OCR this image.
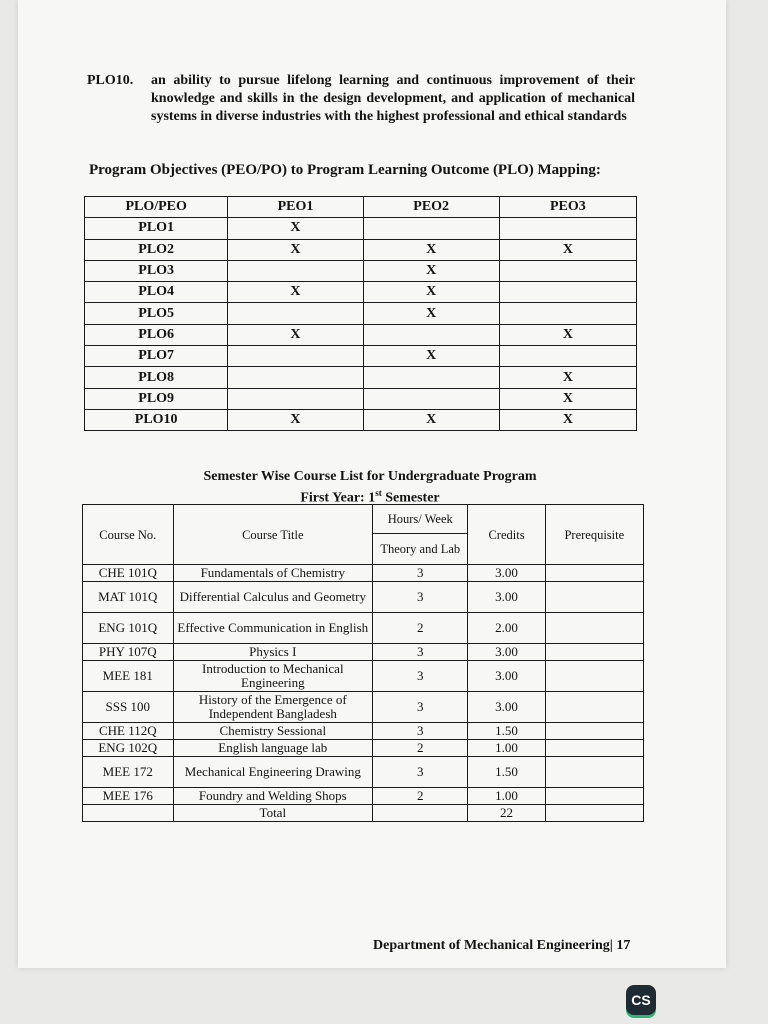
PLO10. an ability to pursue lifelong learning and continuous improvement of their knowledge and skills in the design development, and application of mechanical systems in diverse industries with the highest professional and ethical standards
Program Objectives (PEO/PO) to Program Learning Outcome (PLO) Mapping:
PLO/PEO	PEO1	PEO2	PEO3
PLO1	X		
PLO2	X	X	X
PLO3		X	
PLO4	X	X	
PLO5		X	
PLO6	X		X
PLO7		X	
PLO8			X
PLO9			X
PLO10	X	X	X
Semester Wise Course List for Undergraduate Program
First Year: 1st Semester
Course No.	Course Title	Hours/ Week	Credits	Prerequisite
		Theory and Lab		
CHE 101Q	Fundamentals of Chemistry	3	3.00	
MAT 101Q	Differential Calculus and Geometry	3	3.00	
ENG 101Q	Effective Communication in English	2	2.00	
PHY 107Q	Physics I	3	3.00	
MEE 181	Introduction to Mechanical Engineering	3	3.00	
SSS 100	History of the Emergence of Independent Bangladesh	3	3.00	
CHE 112Q	Chemistry Sessional	3	1.50	
ENG 102Q	English language lab	2	1.00	
MEE 172	Mechanical Engineering Drawing	3	1.50	
MEE 176	Foundry and Welding Shops	2	1.00	
	Total		22	
Department of Mechanical Engineering| 17
CS
